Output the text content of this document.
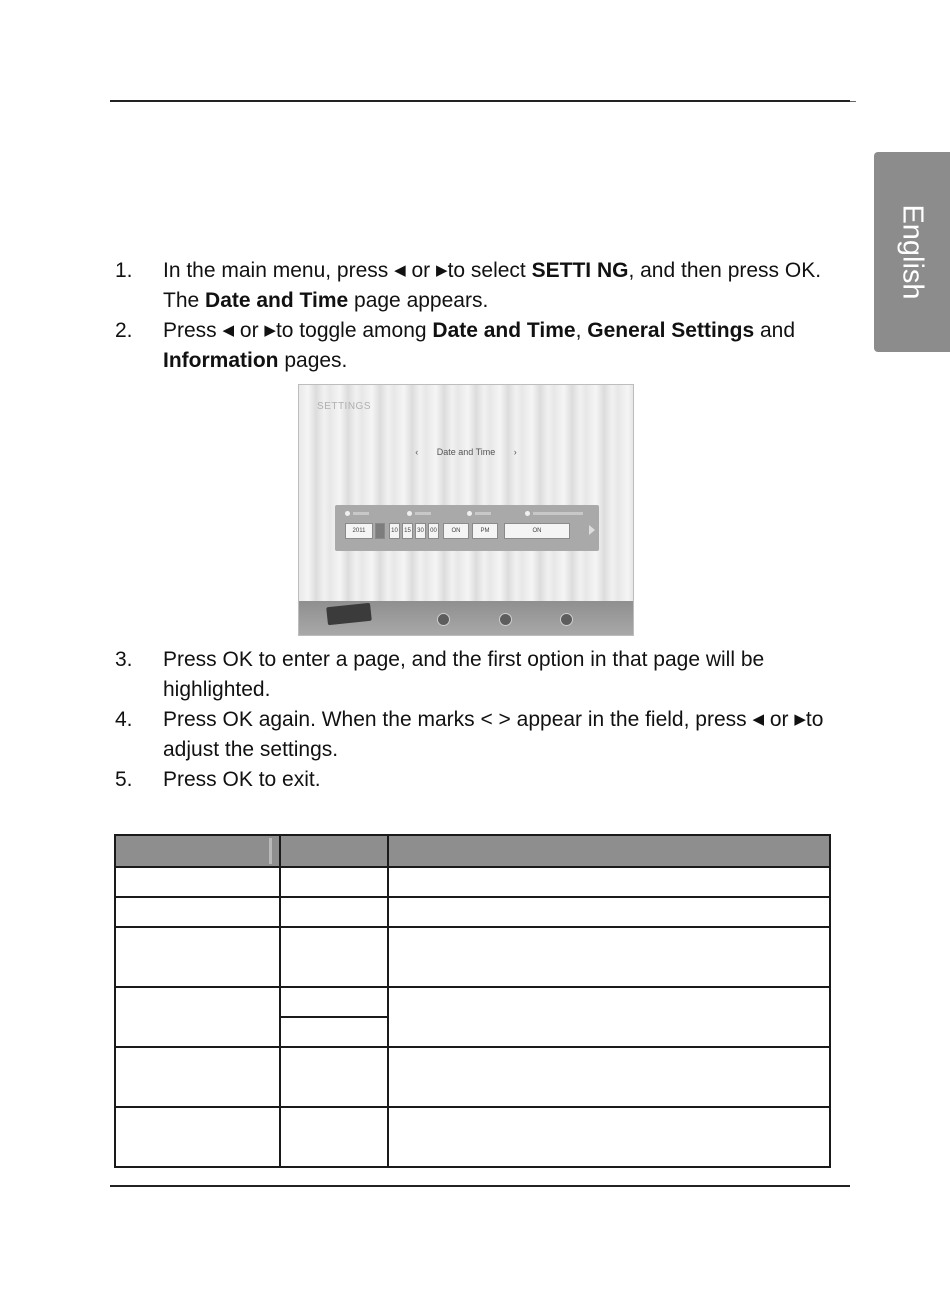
English
1.	In the main menu, press ◀ or ▶to select SETTI NG, and then press OK. The Date and Time page appears.
2.	Press ◀ or ▶to toggle among Date and Time, General Settings and Information pages.
SETTINGS
‹ Date and Time ›
2011	10	15	30	00	ON	PM	ON
3.	Press OK to enter a page, and the first option in that page will be highlighted.
4.	Press OK again. When the marks < > appear in the field, press ◀ or ▶to adjust the settings.
5.	Press OK to exit.
